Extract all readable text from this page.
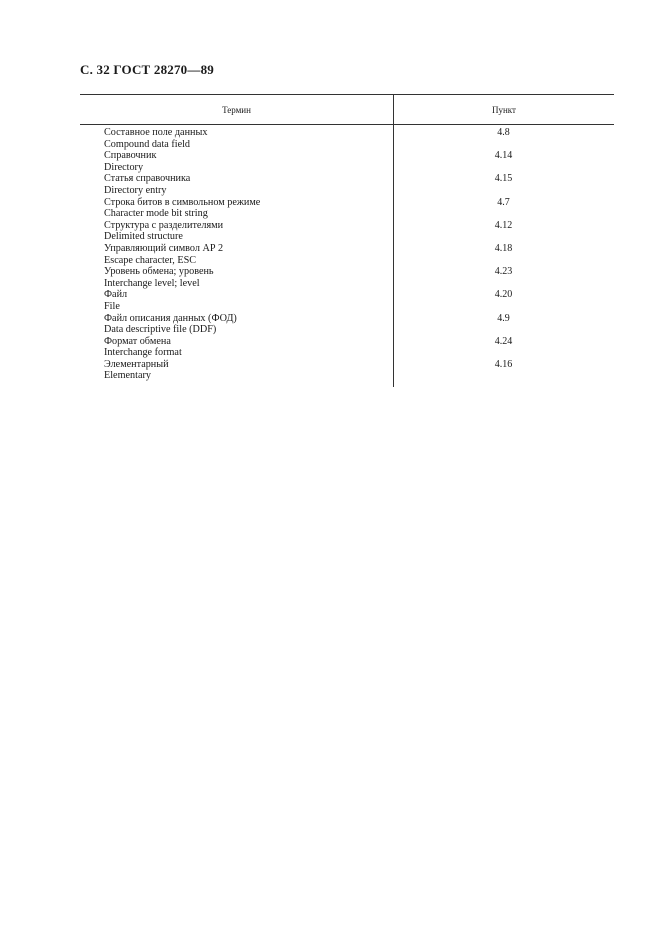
С. 32 ГОСТ 28270—89
Термин	Пункт
Составное поле данных
Compound data field
4.8
Справочник
Directory
4.14
Статья справочника
Directory entry
4.15
Строка битов в символьном режиме
Character mode bit string
4.7
Структура с разделителями
Delimited structure
4.12
Управляющий символ АР 2
Escape character, ESC
4.18
Уровень обмена; уровень
Interchange level; level
4.23
Файл
File
4.20
Файл описания данных (ФОД)
Data descriptive file (DDF)
4.9
Формат обмена
Interchange format
4.24
Элементарный
Elementary
4.16
